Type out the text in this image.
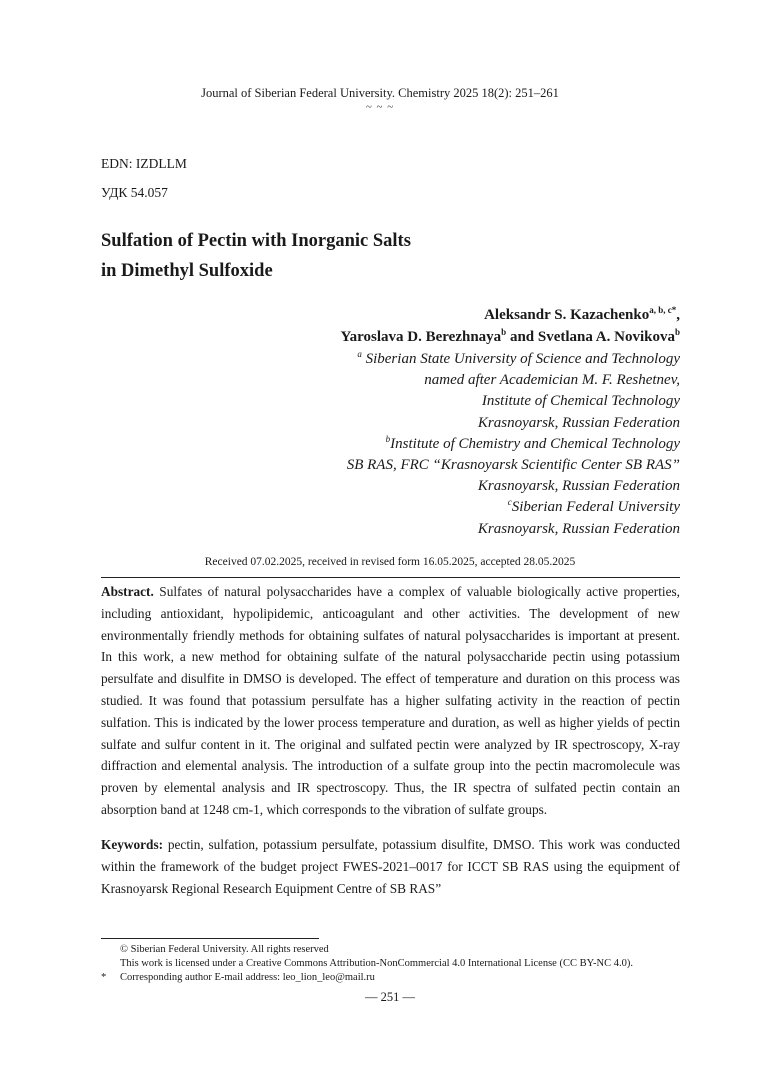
Journal of Siberian Federal University. Chemistry 2025 18(2): 251–261
~ ~ ~
EDN: IZDLLM
УДК 54.057
Sulfation of Pectin with Inorganic Salts
in Dimethyl Sulfoxide
Aleksandr S. Kazachenko$^{a, b, c*}$,
Yaroslava D. Berezhnaya$^b$ and Svetlana A. Novikova$^b$
$^a$ Siberian State University of Science and Technology
named after Academician M. F. Reshetnev,
Institute of Chemical Technology
Krasnoyarsk, Russian Federation
$^b$Institute of Chemistry and Chemical Technology
SB RAS, FRC “Krasnoyarsk Scientific Center SB RAS”
Krasnoyarsk, Russian Federation
$^c$Siberian Federal University
Krasnoyarsk, Russian Federation
Received 07.02.2025, received in revised form 16.05.2025, accepted 28.05.2025
Abstract. Sulfates of natural polysaccharides have a complex of valuable biologically active properties, including antioxidant, hypolipidemic, anticoagulant and other activities. The development of new environmentally friendly methods for obtaining sulfates of natural polysaccharides is important at present. In this work, a new method for obtaining sulfate of the natural polysaccharide pectin using potassium persulfate and disulfite in DMSO is developed. The effect of temperature and duration on this process was studied. It was found that potassium persulfate has a higher sulfating activity in the reaction of pectin sulfation. This is indicated by the lower process temperature and duration, as well as higher yields of pectin sulfate and sulfur content in it. The original and sulfated pectin were analyzed by IR spectroscopy, X-ray diffraction and elemental analysis. The introduction of a sulfate group into the pectin macromolecule was proven by elemental analysis and IR spectroscopy. Thus, the IR spectra of sulfated pectin contain an absorption band at 1248 cm-1, which corresponds to the vibration of sulfate groups.
Keywords: pectin, sulfation, potassium persulfate, potassium disulfite, DMSO. This work was conducted within the framework of the budget project FWES-2021–0017 for ICCT SB RAS using the equipment of Krasnoyarsk Regional Research Equipment Centre of SB RAS”
© Siberian Federal University. All rights reserved
This work is licensed under a Creative Commons Attribution-NonCommercial 4.0 International License (CC BY-NC 4.0).
* Corresponding author E-mail address: leo_lion_leo@mail.ru
— 251 —
